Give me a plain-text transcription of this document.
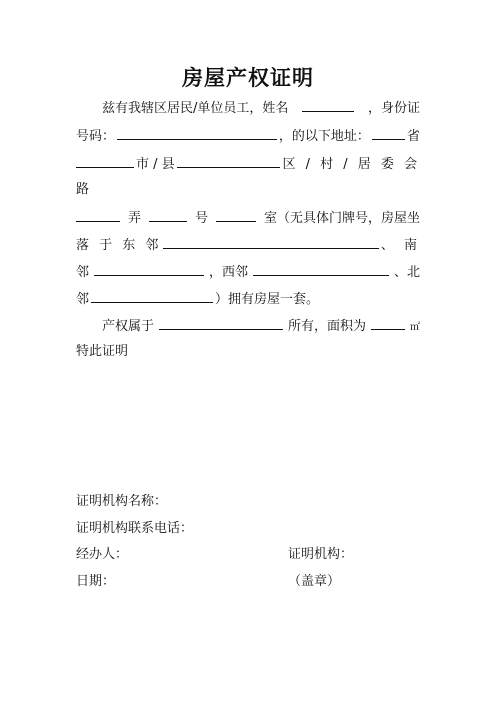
房屋产权证明
兹有我辖区居民/单位员工，姓名	，身份证
号码：	，的以下地址：	省
市 / 县	区 / 村 / 居 委 会
路
弄	号	室（无具体门牌号，房屋坐
落 于 东 邻	、 南
邻	，西邻	、北
邻	）拥有房屋一套。
产权属于	所有，面积为	㎡
特此证明
证明机构名称：
证明机构联系电话：
经办人：	证明机构：
日期：	（盖章）
